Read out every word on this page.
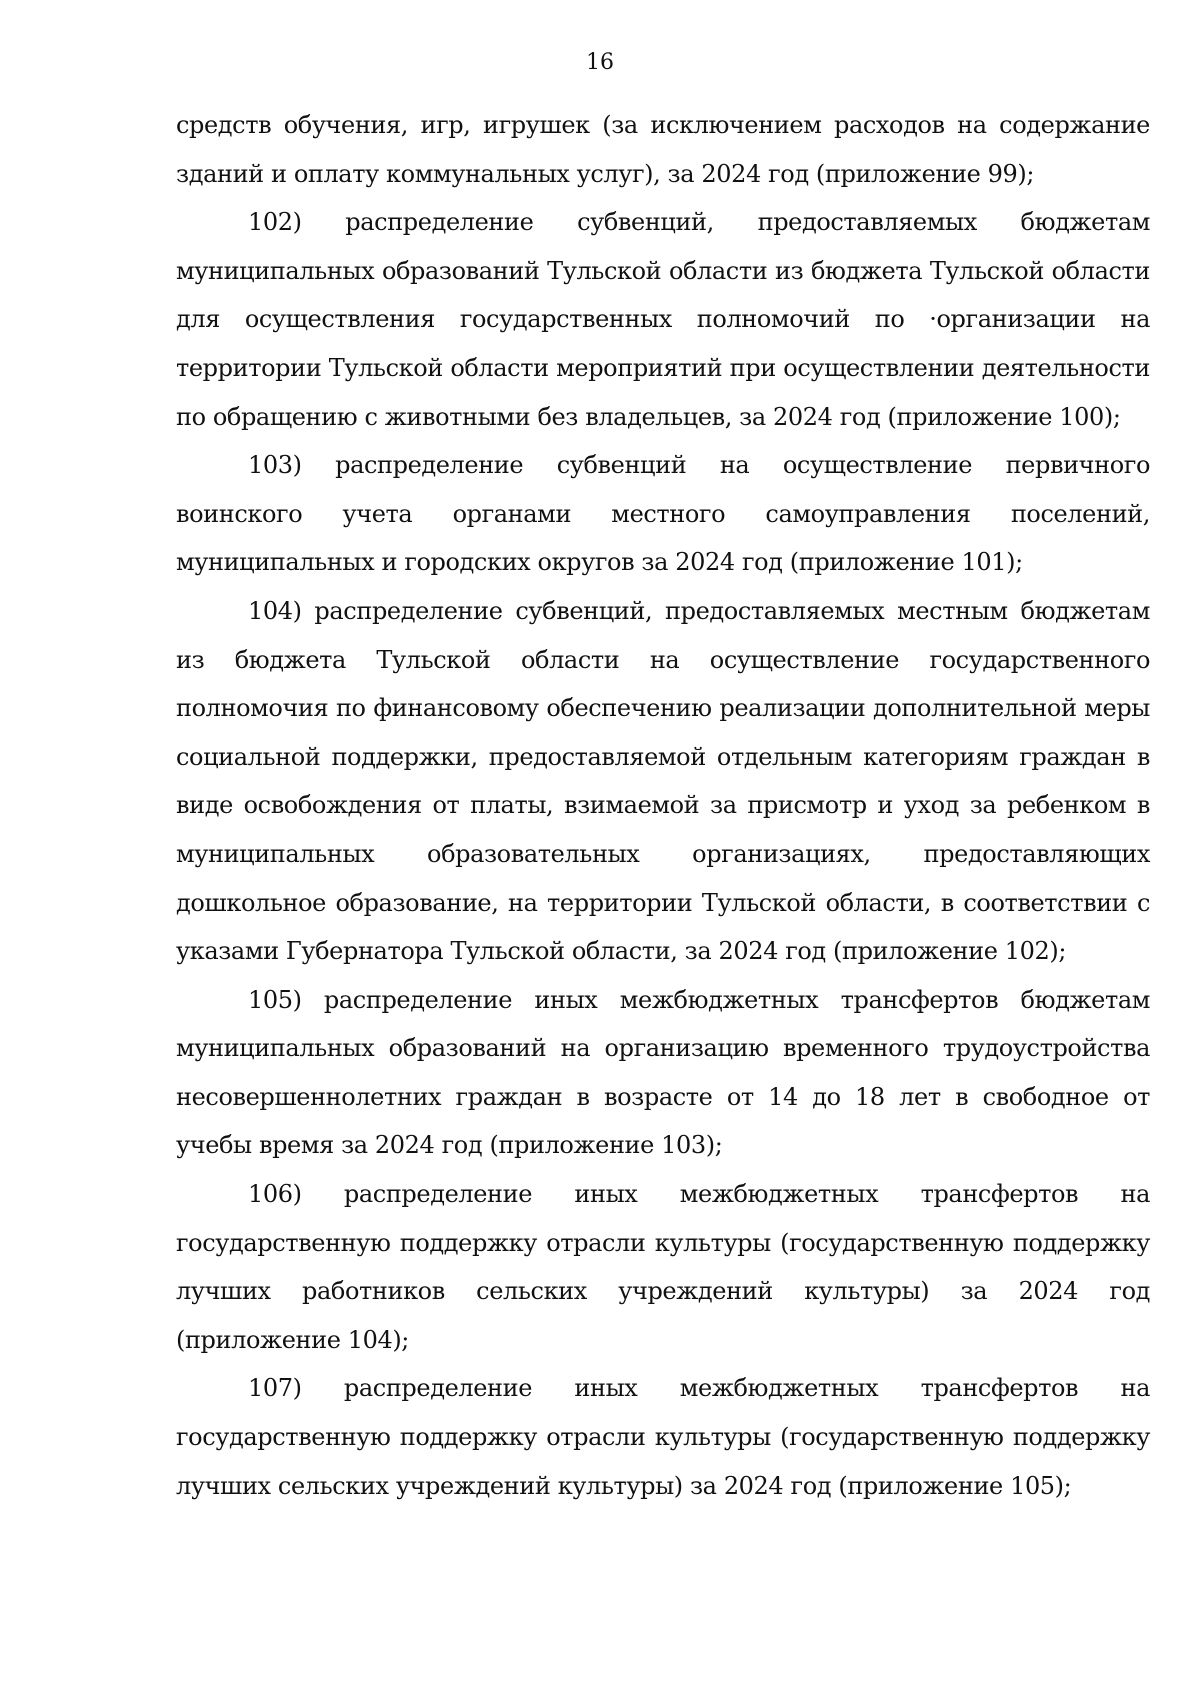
16

средств обучения, игр, игрушек (за исключением расходов на содержание зданий и оплату коммунальных услуг), за 2024 год (приложение 99);

102) распределение субвенций, предоставляемых бюджетам муниципальных образований Тульской области из бюджета Тульской области для осуществления государственных полномочий по ·организации на территории Тульской области мероприятий при осуществлении деятельности по обращению с животными без владельцев, за 2024 год (приложение 100);

103) распределение субвенций на осуществление первичного воинского учета органами местного самоуправления поселений, муниципальных и городских округов за 2024 год (приложение 101);

104) распределение субвенций, предоставляемых местным бюджетам из бюджета Тульской области на осуществление государственного полномочия по финансовому обеспечению реализации дополнительной меры социальной поддержки, предоставляемой отдельным категориям граждан в виде освобождения от платы, взимаемой за присмотр и уход за ребенком в муниципальных образовательных организациях, предоставляющих дошкольное образование, на территории Тульской области, в соответствии с указами Губернатора Тульской области, за 2024 год (приложение 102);

105) распределение иных межбюджетных трансфертов бюджетам муниципальных образований на организацию временного трудоустройства несовершеннолетних граждан в возрасте от 14 до 18 лет в свободное от учебы время за 2024 год (приложение 103);

106) распределение иных межбюджетных трансфертов на государственную поддержку отрасли культуры (государственную поддержку лучших работников сельских учреждений культуры) за 2024 год (приложение 104);

107) распределение иных межбюджетных трансфертов на государственную поддержку отрасли культуры (государственную поддержку лучших сельских учреждений культуры) за 2024 год (приложение 105);
